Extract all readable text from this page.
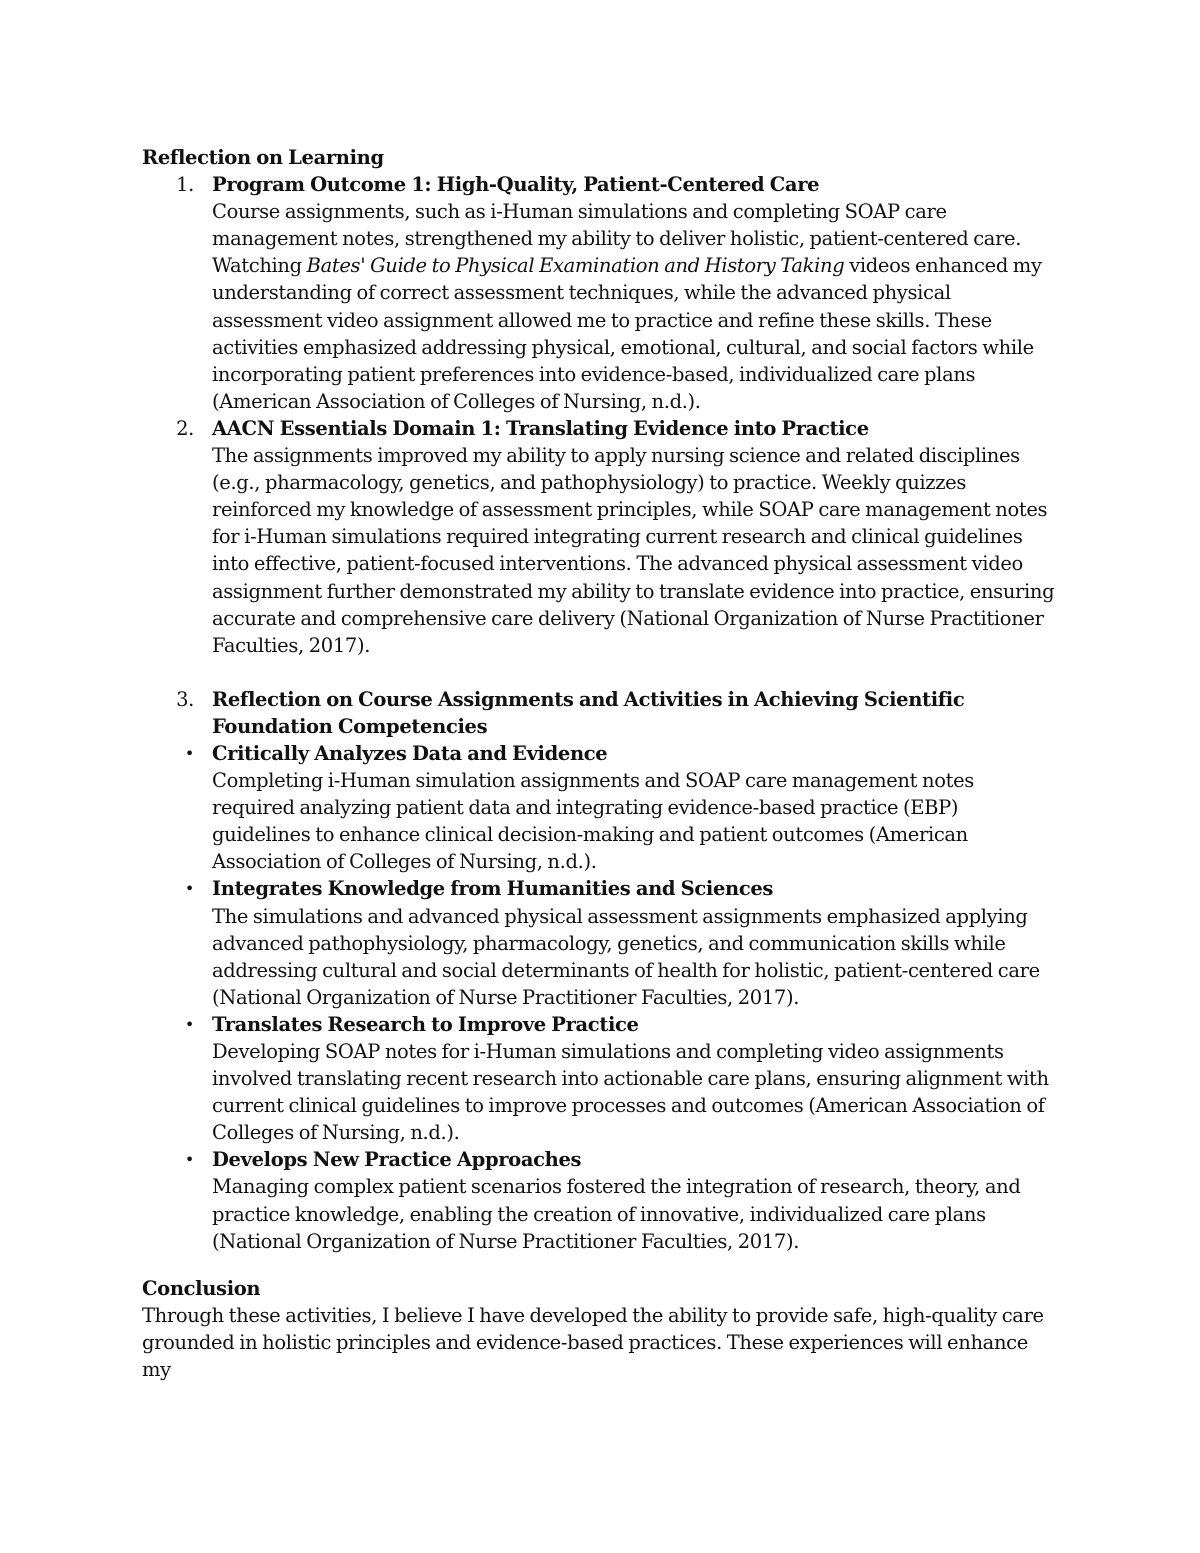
Reflection on Learning

1. Program Outcome 1: High-Quality, Patient-Centered Care

Course assignments, such as i-Human simulations and completing SOAP care management notes, strengthened my ability to deliver holistic, patient-centered care. Watching Bates' Guide to Physical Examination and History Taking videos enhanced my understanding of correct assessment techniques, while the advanced physical assessment video assignment allowed me to practice and refine these skills. These activities emphasized addressing physical, emotional, cultural, and social factors while incorporating patient preferences into evidence-based, individualized care plans (American Association of Colleges of Nursing, n.d.).

2. AACN Essentials Domain 1: Translating Evidence into Practice

The assignments improved my ability to apply nursing science and related disciplines (e.g., pharmacology, genetics, and pathophysiology) to practice. Weekly quizzes reinforced my knowledge of assessment principles, while SOAP care management notes for i-Human simulations required integrating current research and clinical guidelines into effective, patient-focused interventions. The advanced physical assessment video assignment further demonstrated my ability to translate evidence into practice, ensuring accurate and comprehensive care delivery (National Organization of Nurse Practitioner Faculties, 2017).

3. Reflection on Course Assignments and Activities in Achieving Scientific Foundation Competencies

• Critically Analyzes Data and Evidence

Completing i-Human simulation assignments and SOAP care management notes required analyzing patient data and integrating evidence-based practice (EBP) guidelines to enhance clinical decision-making and patient outcomes (American Association of Colleges of Nursing, n.d.).

• Integrates Knowledge from Humanities and Sciences

The simulations and advanced physical assessment assignments emphasized applying advanced pathophysiology, pharmacology, genetics, and communication skills while addressing cultural and social determinants of health for holistic, patient-centered care (National Organization of Nurse Practitioner Faculties, 2017).

• Translates Research to Improve Practice

Developing SOAP notes for i-Human simulations and completing video assignments involved translating recent research into actionable care plans, ensuring alignment with current clinical guidelines to improve processes and outcomes (American Association of Colleges of Nursing, n.d.).

• Develops New Practice Approaches

Managing complex patient scenarios fostered the integration of research, theory, and practice knowledge, enabling the creation of innovative, individualized care plans (National Organization of Nurse Practitioner Faculties, 2017).

Conclusion

Through these activities, I believe I have developed the ability to provide safe, high-quality care grounded in holistic principles and evidence-based practices. These experiences will enhance my
